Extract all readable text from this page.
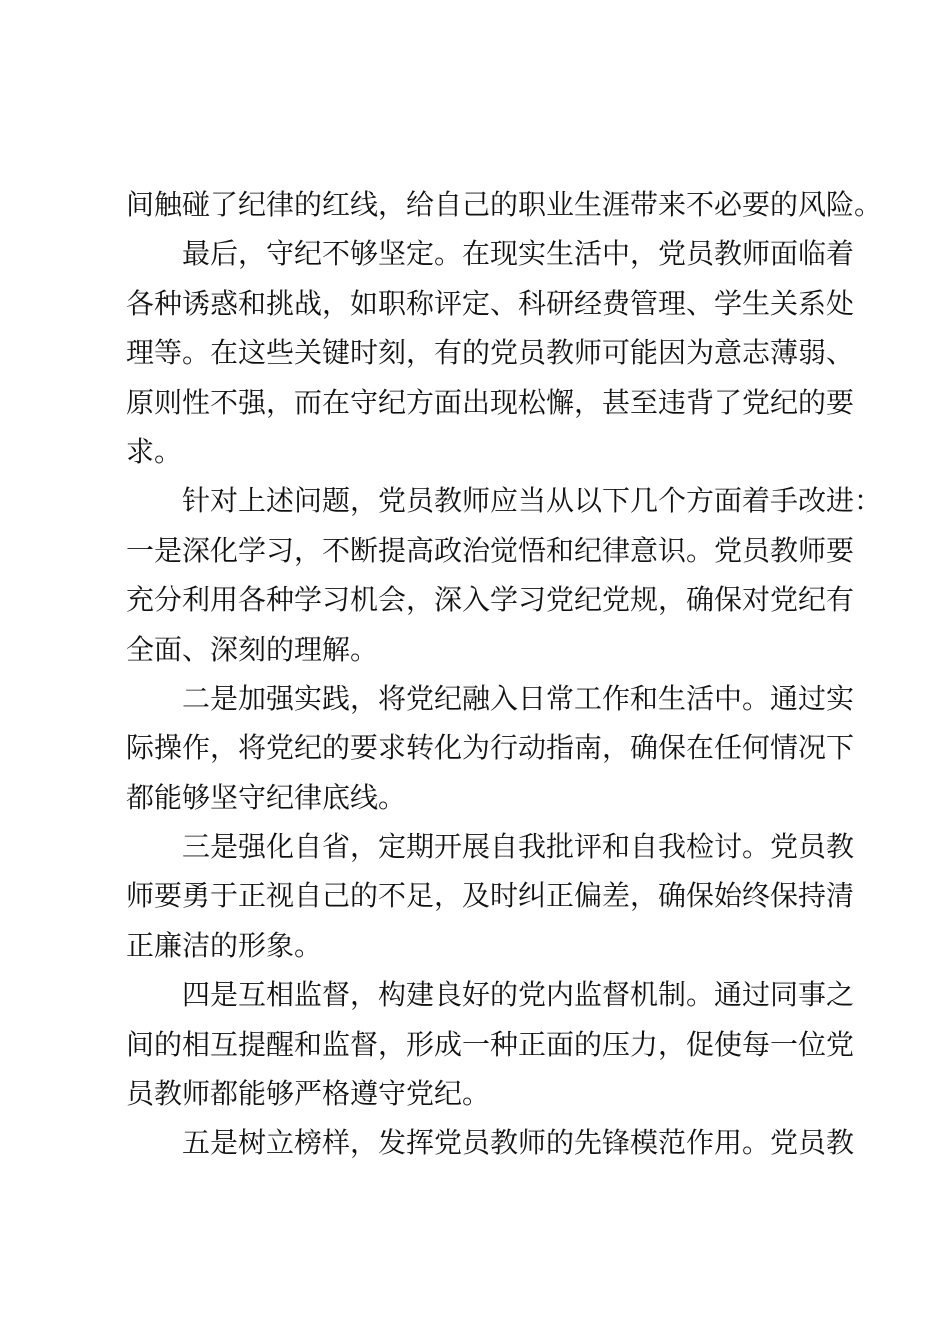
间触碰了纪律的红线，给自己的职业生涯带来不必要的风险。
最后，守纪不够坚定。在现实生活中，党员教师面临着
各种诱惑和挑战，如职称评定、科研经费管理、学生关系处
理等。在这些关键时刻，有的党员教师可能因为意志薄弱、
原则性不强，而在守纪方面出现松懈，甚至违背了党纪的要
求。
针对上述问题，党员教师应当从以下几个方面着手改进：
一是深化学习，不断提高政治觉悟和纪律意识。党员教师要
充分利用各种学习机会，深入学习党纪党规，确保对党纪有
全面、深刻的理解。
二是加强实践，将党纪融入日常工作和生活中。通过实
际操作，将党纪的要求转化为行动指南，确保在任何情况下
都能够坚守纪律底线。
三是强化自省，定期开展自我批评和自我检讨。党员教
师要勇于正视自己的不足，及时纠正偏差，确保始终保持清
正廉洁的形象。
四是互相监督，构建良好的党内监督机制。通过同事之
间的相互提醒和监督，形成一种正面的压力，促使每一位党
员教师都能够严格遵守党纪。
五是树立榜样，发挥党员教师的先锋模范作用。党员教
